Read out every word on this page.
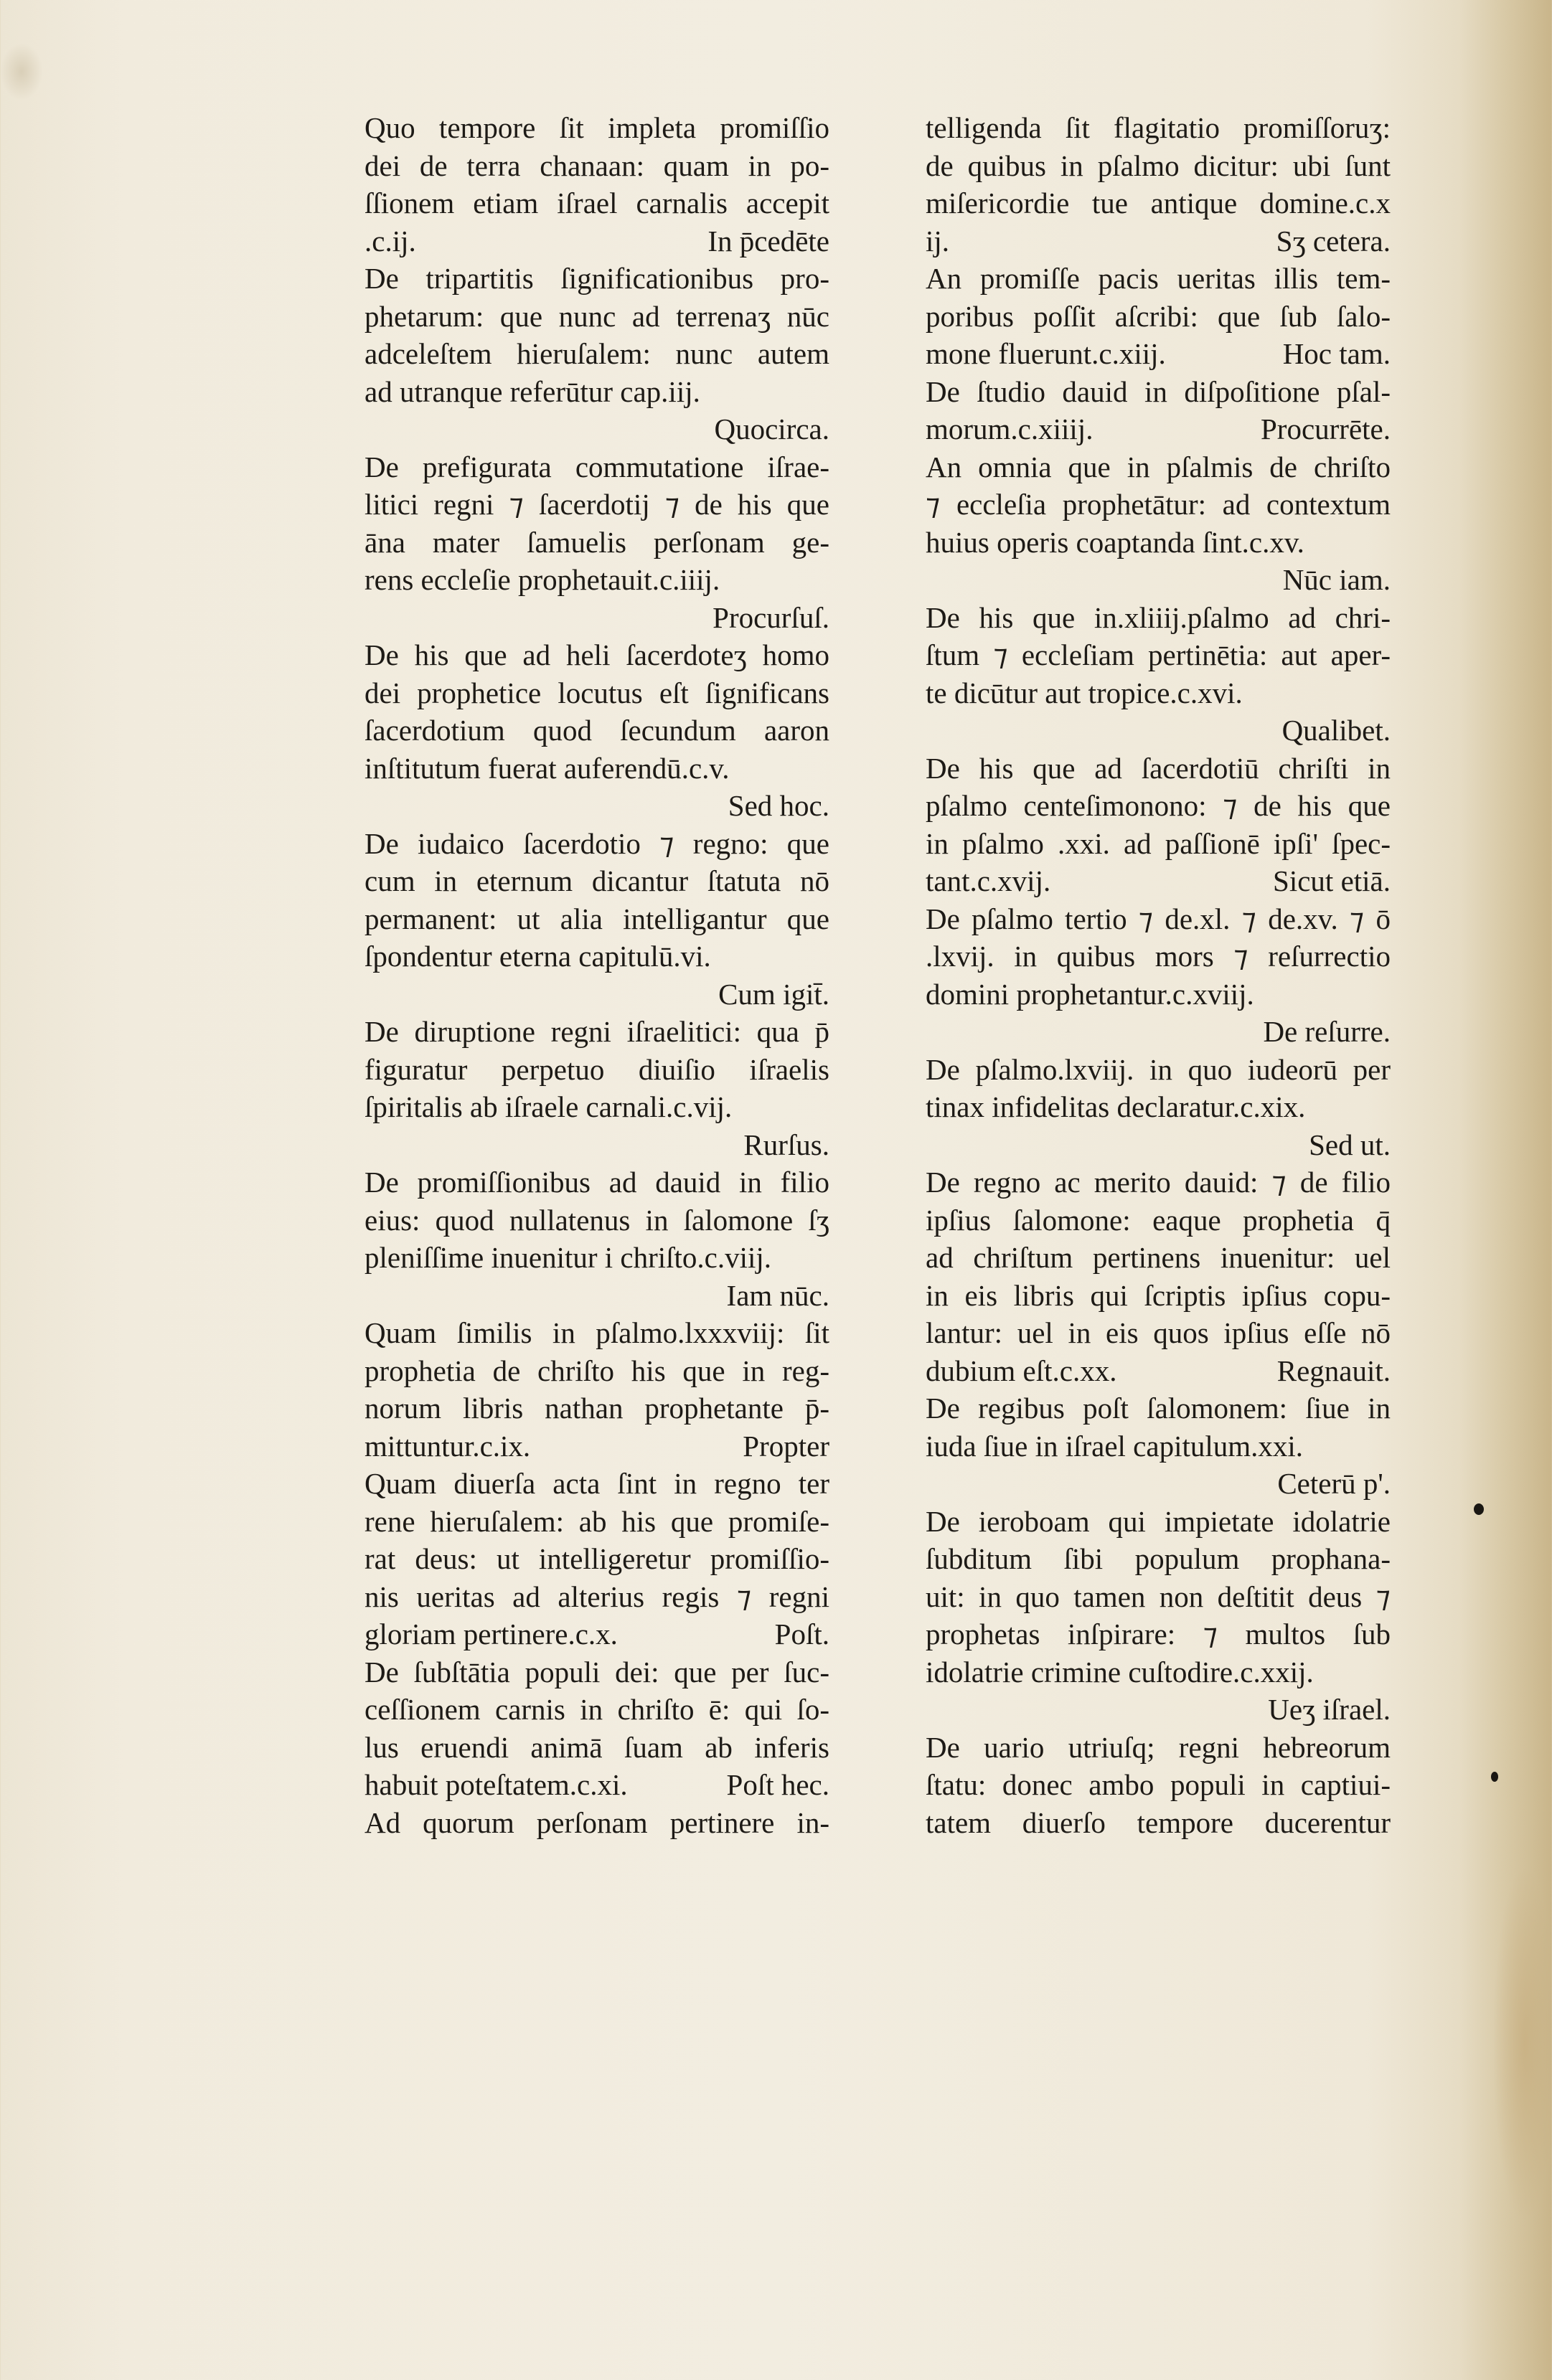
Quo tempore ſit impleta promiſſio
dei de terra chanaan: quam in po-
ſſionem etiam iſrael carnalis accepit
.c.ij.	In p̄cedēte
De tripartitis ſignificationibus pro-
phetarum: que nunc ad terrenaʒ nūc
adceleſtem hieruſalem: nunc autem
ad utranque referūtur cap.iij.
Quocirca.
De prefigurata commutatione iſrae-
litici regni ⁊ ſacerdotij ⁊ de his que
āna mater ſamuelis perſonam ge-
rens eccleſie prophetauit.c.iiij.
Procurſuſ.
De his que ad heli ſacerdoteʒ homo
dei prophetice locutus eſt ſignificans
ſacerdotium quod ſecundum aaron
inſtitutum fuerat auferendū.c.v.
Sed hoc.
De iudaico ſacerdotio ⁊ regno: que
cum in eternum dicantur ſtatuta nō
permanent: ut alia intelligantur que
ſpondentur eterna capitulū.vi.
Cum igit̄.
De diruptione regni iſraelitici: qua p̄
figuratur perpetuo diuiſio iſraelis
ſpiritalis ab iſraele carnali.c.vij.
Rurſus.
De promiſſionibus ad dauid in filio
eius: quod nullatenus in ſalomone ſʒ
pleniſſime inuenitur i chriſto.c.viij.
Iam nūc.
Quam ſimilis in pſalmo.lxxxviij: ſit
prophetia de chriſto his que in reg-
norum libris nathan prophetante p̄-
mittuntur.c.ix.	Propter
Quam diuerſa acta ſint in regno ter
rene hieruſalem: ab his que promiſe-
rat deus: ut intelligeretur promiſſio-
nis ueritas ad alterius regis ⁊ regni
gloriam pertinere.c.x.	Poſt.
De ſubſtātia populi dei: que per ſuc-
ceſſionem carnis in chriſto ē: qui ſo-
lus eruendi animā ſuam ab inferis
habuit poteſtatem.c.xi.	Poſt hec.
Ad quorum perſonam pertinere in-
telligenda ſit flagitatio promiſſoruʒ:
de quibus in pſalmo dicitur: ubi ſunt
miſericordie tue antique domine.c.x
ij.	Sʒ cetera.
An promiſſe pacis ueritas illis tem-
poribus poſſit aſcribi: que ſub ſalo-
mone fluerunt.c.xiij.	Hoc tam.
De ſtudio dauid in diſpoſitione pſal-
morum.c.xiiij.	Procurrēte.
An omnia que in pſalmis de chriſto
⁊ eccleſia prophetātur: ad contextum
huius operis coaptanda ſint.c.xv.
Nūc iam.
De his que in.xliiij.pſalmo ad chri-
ſtum ⁊ eccleſiam pertinētia: aut aper-
te dicūtur aut tropice.c.xvi.
Qualibet.
De his que ad ſacerdotiū chriſti in
pſalmo centeſimonono: ⁊ de his que
in pſalmo .xxi. ad paſſionē ipſi' ſpec-
tant.c.xvij.	Sicut etiā.
De pſalmo tertio ⁊ de.xl. ⁊ de.xv. ⁊ ō
.lxvij. in quibus mors ⁊ reſurrectio
domini prophetantur.c.xviij.
De reſurre.
De pſalmo.lxviij. in quo iudeorū per
tinax infidelitas declaratur.c.xix.
Sed ut.
De regno ac merito dauid: ⁊ de filio
ipſius ſalomone: eaque prophetia q̄
ad chriſtum pertinens inuenitur: uel
in eis libris qui ſcriptis ipſius copu-
lantur: uel in eis quos ipſius eſſe nō
dubium eſt.c.xx.	Regnauit.
De regibus poſt ſalomonem: ſiue in
iuda ſiue in iſrael capitulum.xxi.
Ceterū p'.
De ieroboam qui impietate idolatrie
ſubditum ſibi populum prophana-
uit: in quo tamen non deſtitit deus ⁊
prophetas inſpirare: ⁊ multos ſub
idolatrie crimine cuſtodire.c.xxij.
Ueʒ iſrael.
De uario utriuſq; regni hebreorum
ſtatu: donec ambo populi in captiui-
tatem diuerſo tempore ducerentur
